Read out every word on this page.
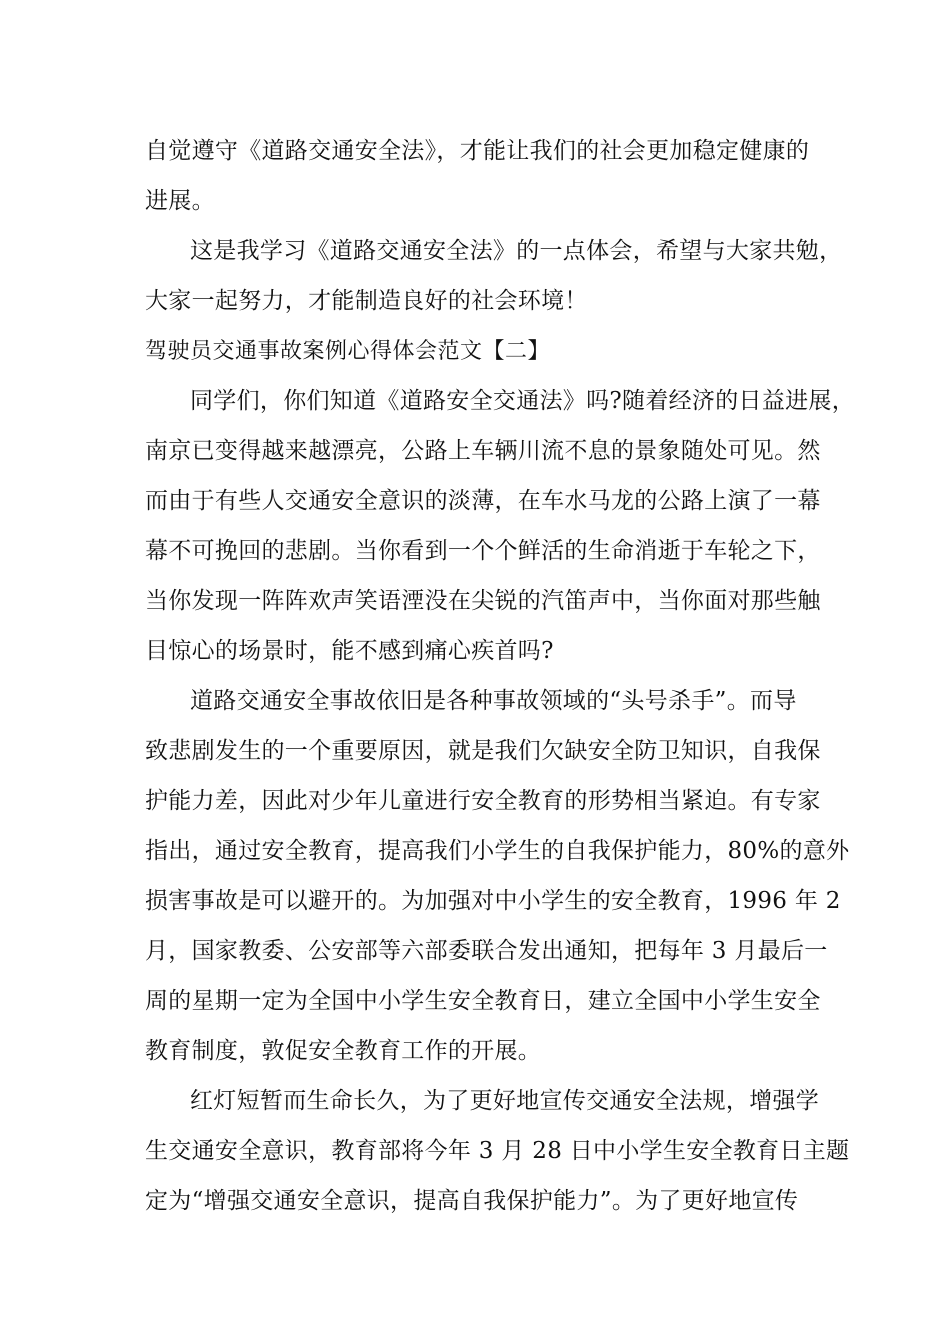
自觉遵守《道路交通安全法》，才能让我们的社会更加稳定健康的
进展。
这是我学习《道路交通安全法》的一点体会，希望与大家共勉，
大家一起努力，才能制造良好的社会环境！
驾驶员交通事故案例心得体会范文【二】
同学们，你们知道《道路安全交通法》吗?随着经济的日益进展，
南京已变得越来越漂亮，公路上车辆川流不息的景象随处可见。然
而由于有些人交通安全意识的淡薄，在车水马龙的公路上演了一幕
幕不可挽回的悲剧。当你看到一个个鲜活的生命消逝于车轮之下，
当你发现一阵阵欢声笑语湮没在尖锐的汽笛声中，当你面对那些触
目惊心的场景时，能不感到痛心疾首吗?
道路交通安全事故依旧是各种事故领域的“头号杀手”。而导
致悲剧发生的一个重要原因，就是我们欠缺安全防卫知识，自我保
护能力差，因此对少年儿童进行安全教育的形势相当紧迫。有专家
指出，通过安全教育，提高我们小学生的自我保护能力，80%的意外
损害事故是可以避开的。为加强对中小学生的安全教育，1996 年 2
月，国家教委、公安部等六部委联合发出通知，把每年 3 月最后一
周的星期一定为全国中小学生安全教育日，建立全国中小学生安全
教育制度，敦促安全教育工作的开展。
红灯短暂而生命长久，为了更好地宣传交通安全法规，增强学
生交通安全意识，教育部将今年 3 月 28 日中小学生安全教育日主题
定为“增强交通安全意识，提高自我保护能力”。为了更好地宣传
